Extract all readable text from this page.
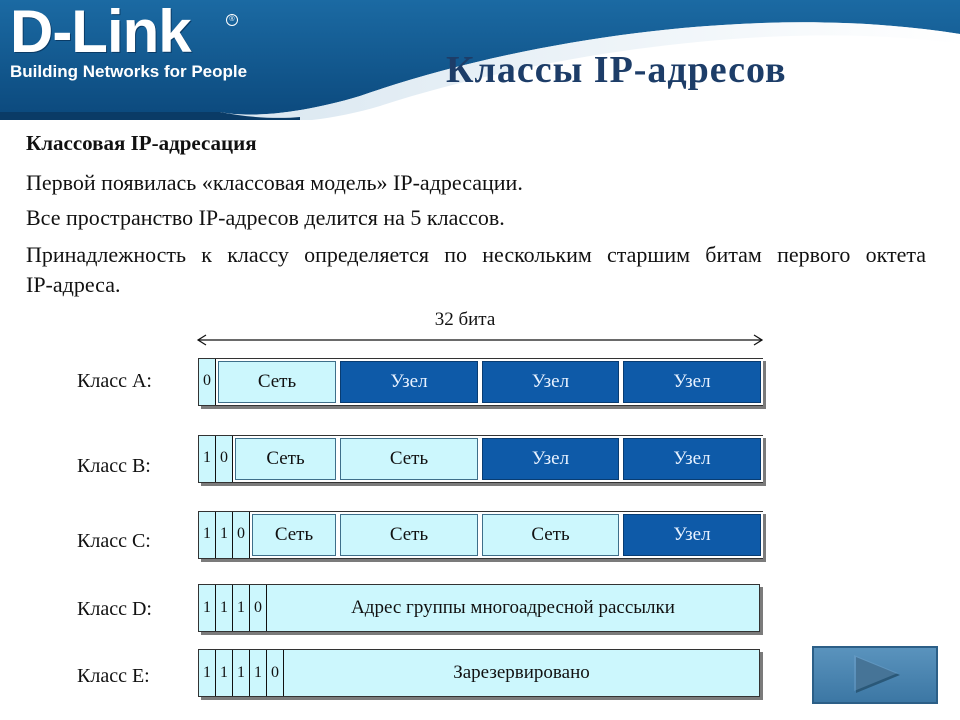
D-Link	®
Building Networks for People	Классы IP-адресов

Классовая IP-адресация

Первой появилась «классовая модель» IP-адресации.

Все пространство IP-адресов делится на 5 классов.

Принадлежность к классу определяется по нескольким старшим битам первого октета IP-адреса.

32 бита
Класс A:	0	Сеть	Узел	Узел	Узел
Класс B:	1 0	Сеть	Сеть	Узел	Узел
Класс C:	1 1 0	Сеть	Сеть	Сеть	Узел
Класс D:	1 1 1 0	Адрес группы многоадресной рассылки
Класс E:	1 1 1 1 0	Зарезервировано
